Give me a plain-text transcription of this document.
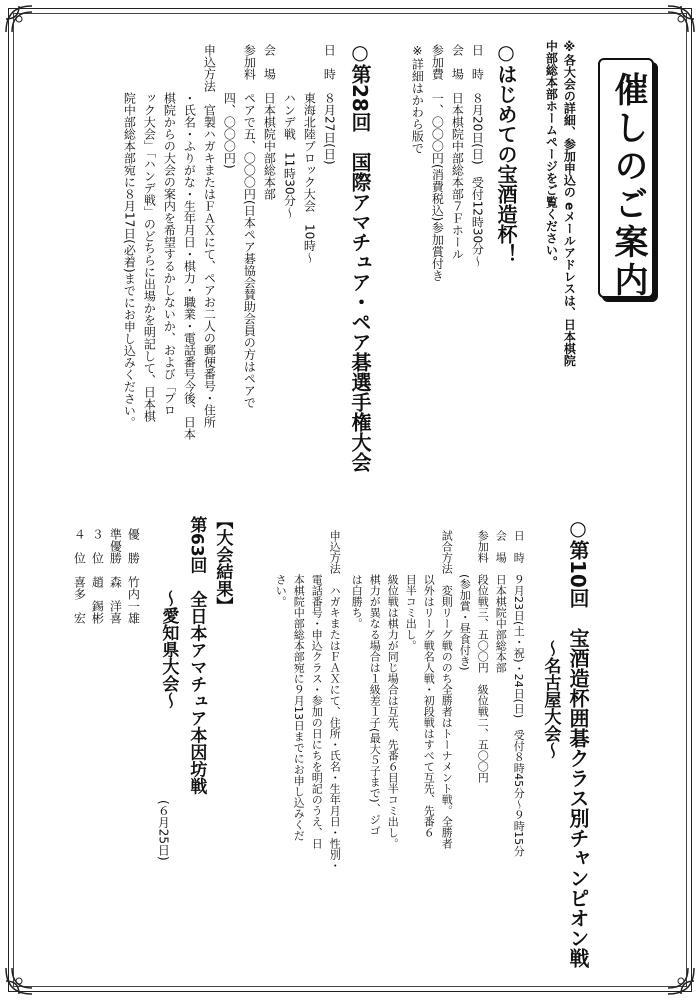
催しのご案内
※各大会の詳細、参加申込の eメールアドレスは、日本棋院
中部総本部ホームページをご覧ください。
○はじめての宝酒造杯！
日　時　８月20日(日)　受付12時30分～
会　場　日本棋院中部総本部７Ｆホール
参加費　一、〇〇〇円(消費税込)参加賞付き
※詳細はかわら版で
○第28回　国際アマチュア・ペア碁選手権大会
日　時　８月27日(日)
　　　　東海北陸ブロック大会　10時～
　　　　ハンデ戦　11時30分～
会　場　日本棋院中部総本部
参加料　ペアで五、〇〇〇円(日本ペア碁協会賛助会員の方はペアで
　　　　四、〇〇〇円)
申込方法　官製ハガキまたはＦＡＸにて、ペアお二人の郵便番号・住所
　　　　・氏名・ふりがな・生年月日・棋力・職業・電話番号今後、日本
　　　　棋院からの大会の案内を希望するかしないか、および「プロ
　　　　ック大会」「ハンデ戦」のどちらに出場かを明記して、日本棋
　　　　院中部総本部宛に８月17日(必着)までにお申し込みください。
○第10回　宝酒造杯囲碁クラス別チャンピオン戦
～名古屋大会～
日　時　９月23日(土・祝)・24日(日)　受付８時45分～９時15分
会　場　日本棋院中部総本部
参加料　段位戦三、五〇〇円　級位戦二、五〇〇円
　　　　(参加賞・昼食付き)
試合方法　変則リーグ戦ののち全勝者はトーナメント戦。全勝者
　　　　以外はリーグ戦名人戦・初段戦はすべて互先、先番６
　　　　目半コミ出し。
　　　　級位戦は棋力が同じ場合は互先、先番６目半コミ出し。
　　　　棋力が異なる場合は１級差１子(最大５子まで)、ジゴ
　　　　は白勝ち。
申込方法　ハガキまたはＦＡＸにて、住所・氏名・生年月日・性別・
　　　　電話番号・申込クラス・参加の日にちを明記のうえ、日
　　　　本棋院中部総本部宛に９月13日までにお申し込みくだ
　　　　さい。
【大会結果】
第63回　全日本アマチュア本因坊戦
～愛知県大会～
(６月25日)
優　勝　竹内一雄
準優勝　森　洋喜
３　位　趙　錫彬
４　位　喜多　宏
